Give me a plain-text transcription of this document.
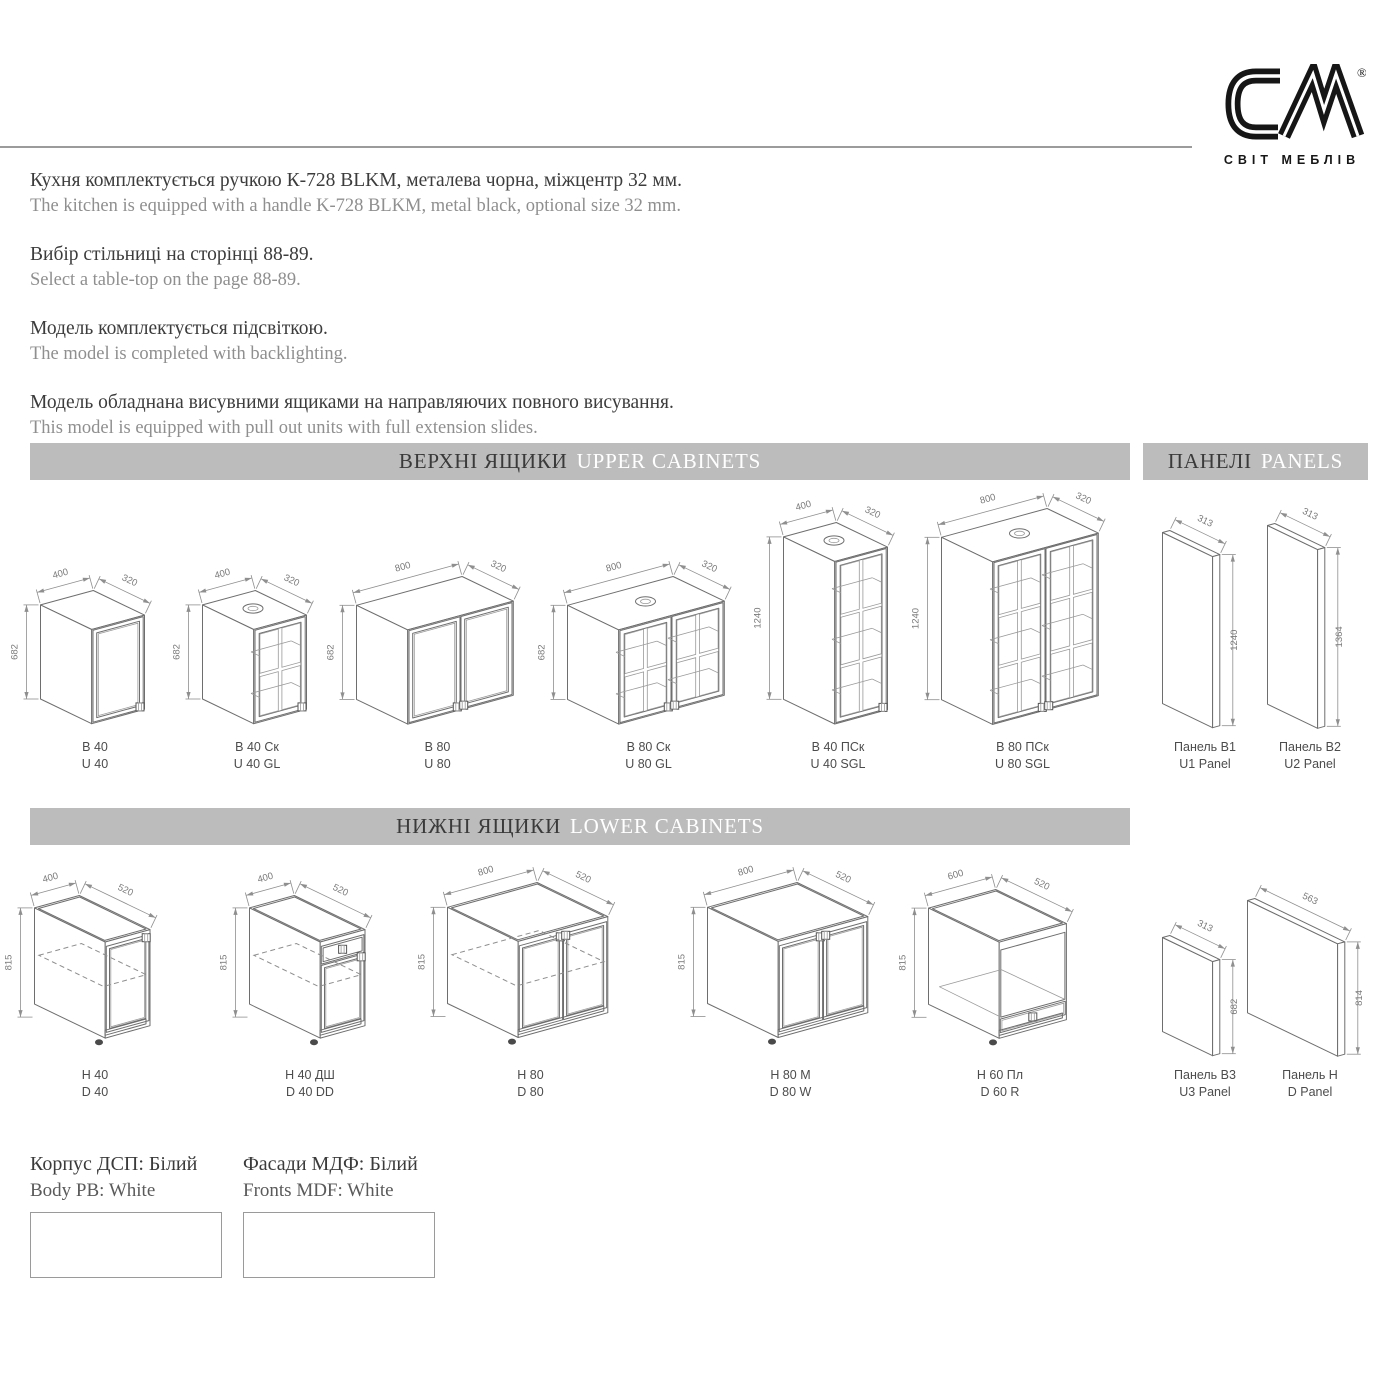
®
СВІТ МЕБЛІВ

Кухня комплектується ручкою К-728 BLKM, металева чорна, міжцентр 32 мм.

The kitchen is equipped with a handle K-728 BLKM, metal black, optional size 32 mm.

Вибір стільниці на сторінці 88-89.

Select a table-top on the page 88-89.

Модель комплектується підсвіткою.

The model is completed with backlighting.

Модель обладнана висувними ящиками на направляючих повного висування.

This model is equipped with pull out units with full extension slides.

ВЕРХНІ ЯЩИКИ UPPER CABINETS	ПАНЕЛІ PANELS
НИЖНІ ЯЩИКИ LOWER CABINETS
400	320
682
В 40
U 40
400	320
682
В 40 Ск
U 40 GL
800	320
682
В 80
U 80
800	320
682
В 80 Ск
U 80 GL
400	320
1240
В 40 ПСк
U 40 SGL
800	320
1240
В 80 ПСк
U 80 SGL
313
1240
Панель В1
U1 Panel
313
1364
Панель В2
U2 Panel
400
520
815
Н 40
D 40
400
520
815
Н 40 ДШ
D 40 DD
800	520
815
Н 80
D 80
800	520
815
Н 80 М
D 80 W
600
520
815
Н 60 Пл
D 60 R
313
682
Панель В3
U3 Panel
563
814
Панель Н
D Panel
Корпус ДСП: Білий
Body PB: White
Фасади МДФ: Білий
Fronts MDF: White
